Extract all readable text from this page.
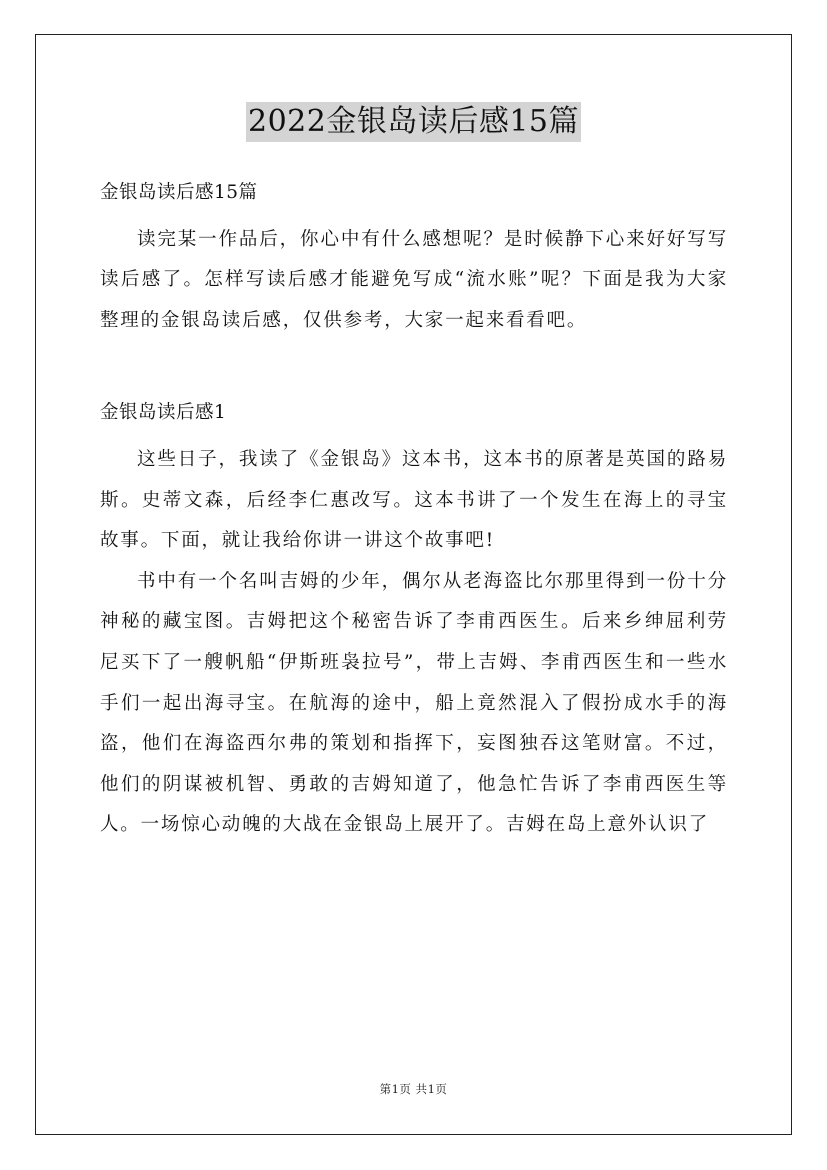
2022金银岛读后感15篇

金银岛读后感15篇

读完某一作品后，你心中有什么感想呢？是时候静下心来好好写写读后感了。怎样写读后感才能避免写成“流水账”呢？下面是我为大家整理的金银岛读后感，仅供参考，大家一起来看看吧。

金银岛读后感1

这些日子，我读了《金银岛》这本书，这本书的原著是英国的路易斯。史蒂文森，后经李仁惠改写。这本书讲了一个发生在海上的寻宝故事。下面，就让我给你讲一讲这个故事吧!

书中有一个名叫吉姆的少年，偶尔从老海盗比尔那里得到一份十分神秘的藏宝图。吉姆把这个秘密告诉了李甫西医生。后来乡绅屈利劳尼买下了一艘帆船“伊斯班袅拉号”，带上吉姆、李甫西医生和一些水手们一起出海寻宝。在航海的途中，船上竟然混入了假扮成水手的海盗，他们在海盗西尔弗的策划和指挥下，妄图独吞这笔财富。不过，他们的阴谋被机智、勇敢的吉姆知道了，他急忙告诉了李甫西医生等人。一场惊心动魄的大战在金银岛上展开了。吉姆在岛上意外认识了

第1页 共1页
